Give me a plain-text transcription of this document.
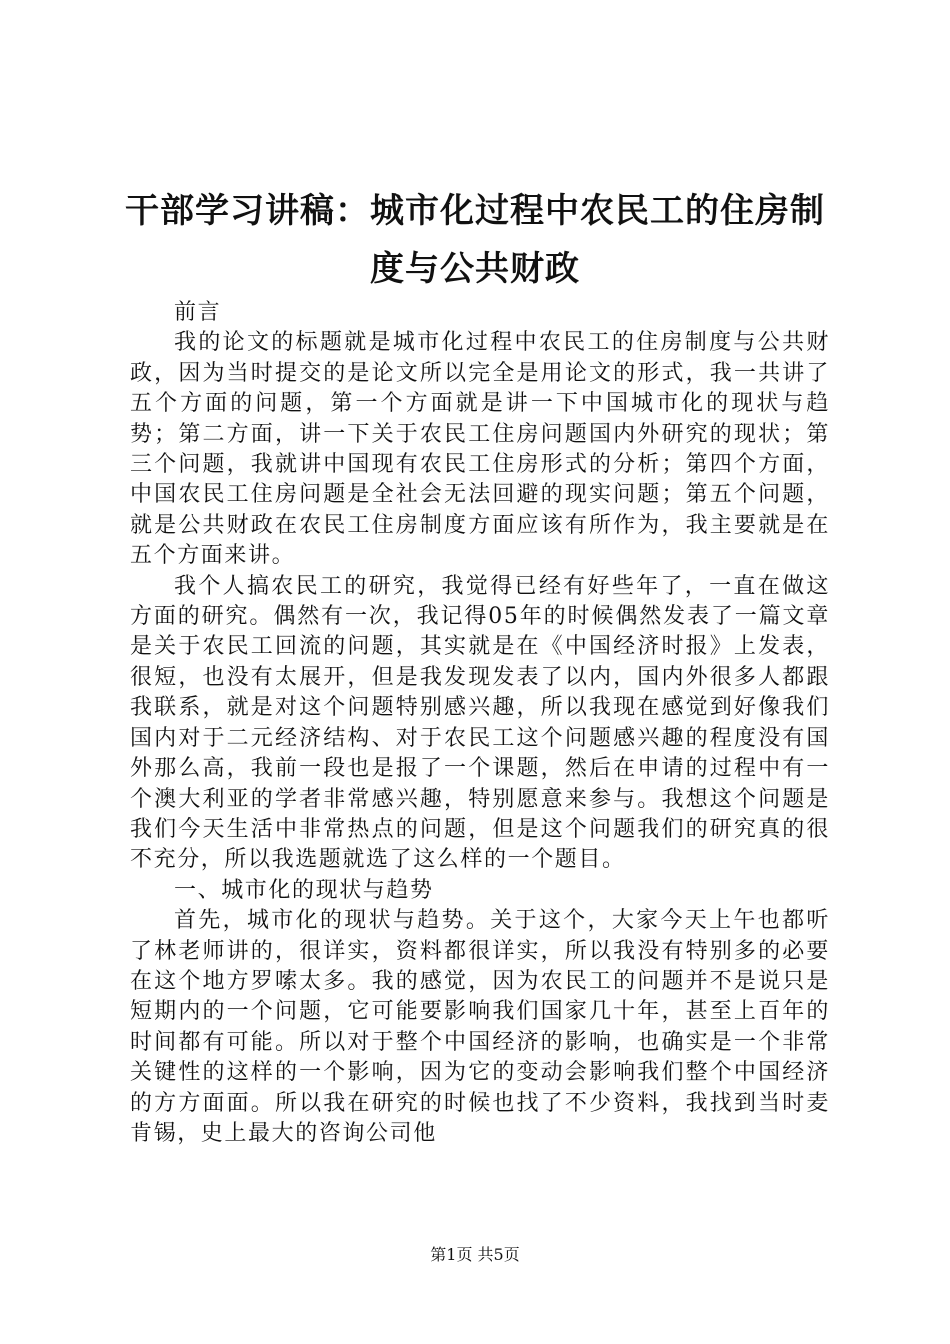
干部学习讲稿：城市化过程中农民工的住房制度与公共财政

前言

我的论文的标题就是城市化过程中农民工的住房制度与公共财政，因为当时提交的是论文所以完全是用论文的形式，我一共讲了五个方面的问题，第一个方面就是讲一下中国城市化的现状与趋势；第二方面，讲一下关于农民工住房问题国内外研究的现状；第三个问题，我就讲中国现有农民工住房形式的分析；第四个方面，中国农民工住房问题是全社会无法回避的现实问题；第五个问题，就是公共财政在农民工住房制度方面应该有所作为，我主要就是在五个方面来讲。

我个人搞农民工的研究，我觉得已经有好些年了，一直在做这方面的研究。偶然有一次，我记得05年的时候偶然发表了一篇文章是关于农民工回流的问题，其实就是在《中国经济时报》上发表，很短，也没有太展开，但是我发现发表了以内，国内外很多人都跟我联系，就是对这个问题特别感兴趣，所以我现在感觉到好像我们国内对于二元经济结构、对于农民工这个问题感兴趣的程度没有国外那么高，我前一段也是报了一个课题，然后在申请的过程中有一个澳大利亚的学者非常感兴趣，特别愿意来参与。我想这个问题是我们今天生活中非常热点的问题，但是这个问题我们的研究真的很不充分，所以我选题就选了这么样的一个题目。

一、城市化的现状与趋势

首先，城市化的现状与趋势。关于这个，大家今天上午也都听了林老师讲的，很详实，资料都很详实，所以我没有特别多的必要在这个地方罗嗦太多。我的感觉，因为农民工的问题并不是说只是短期内的一个问题，它可能要影响我们国家几十年，甚至上百年的时间都有可能。所以对于整个中国经济的影响，也确实是一个非常关键性的这样的一个影响，因为它的变动会影响我们整个中国经济的方方面面。所以我在研究的时候也找了不少资料，我找到当时麦肯锡，史上最大的咨询公司他

第1页 共5页
